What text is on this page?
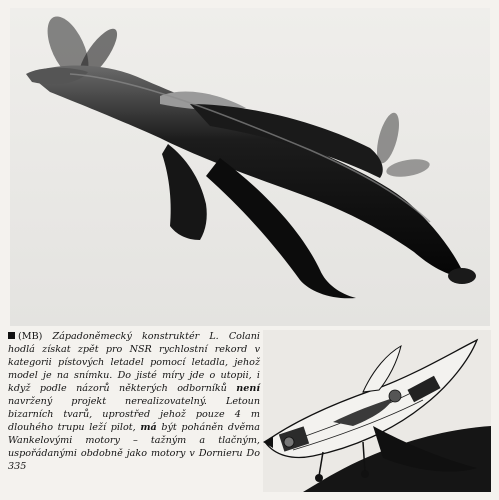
(MB) Západoněmecký konstruktér L. Colani hodlá získat zpět pro NSR rychlostní rekord v kategorii pístových letadel pomocí letadla, jehož model je na snímku. Do jisté míry jde o utopii, i když podle názorů některých odborníků není navržený projekt nerealizovatelný. Letoun bizarních tvarů, uprostřed jehož pouze 4 m dlouhého trupu leží pilot, má být poháněn dvěma Wankelovými motory – tažným a tlačným, uspořádanými obdobně jako motory v Dornieru Do 335
